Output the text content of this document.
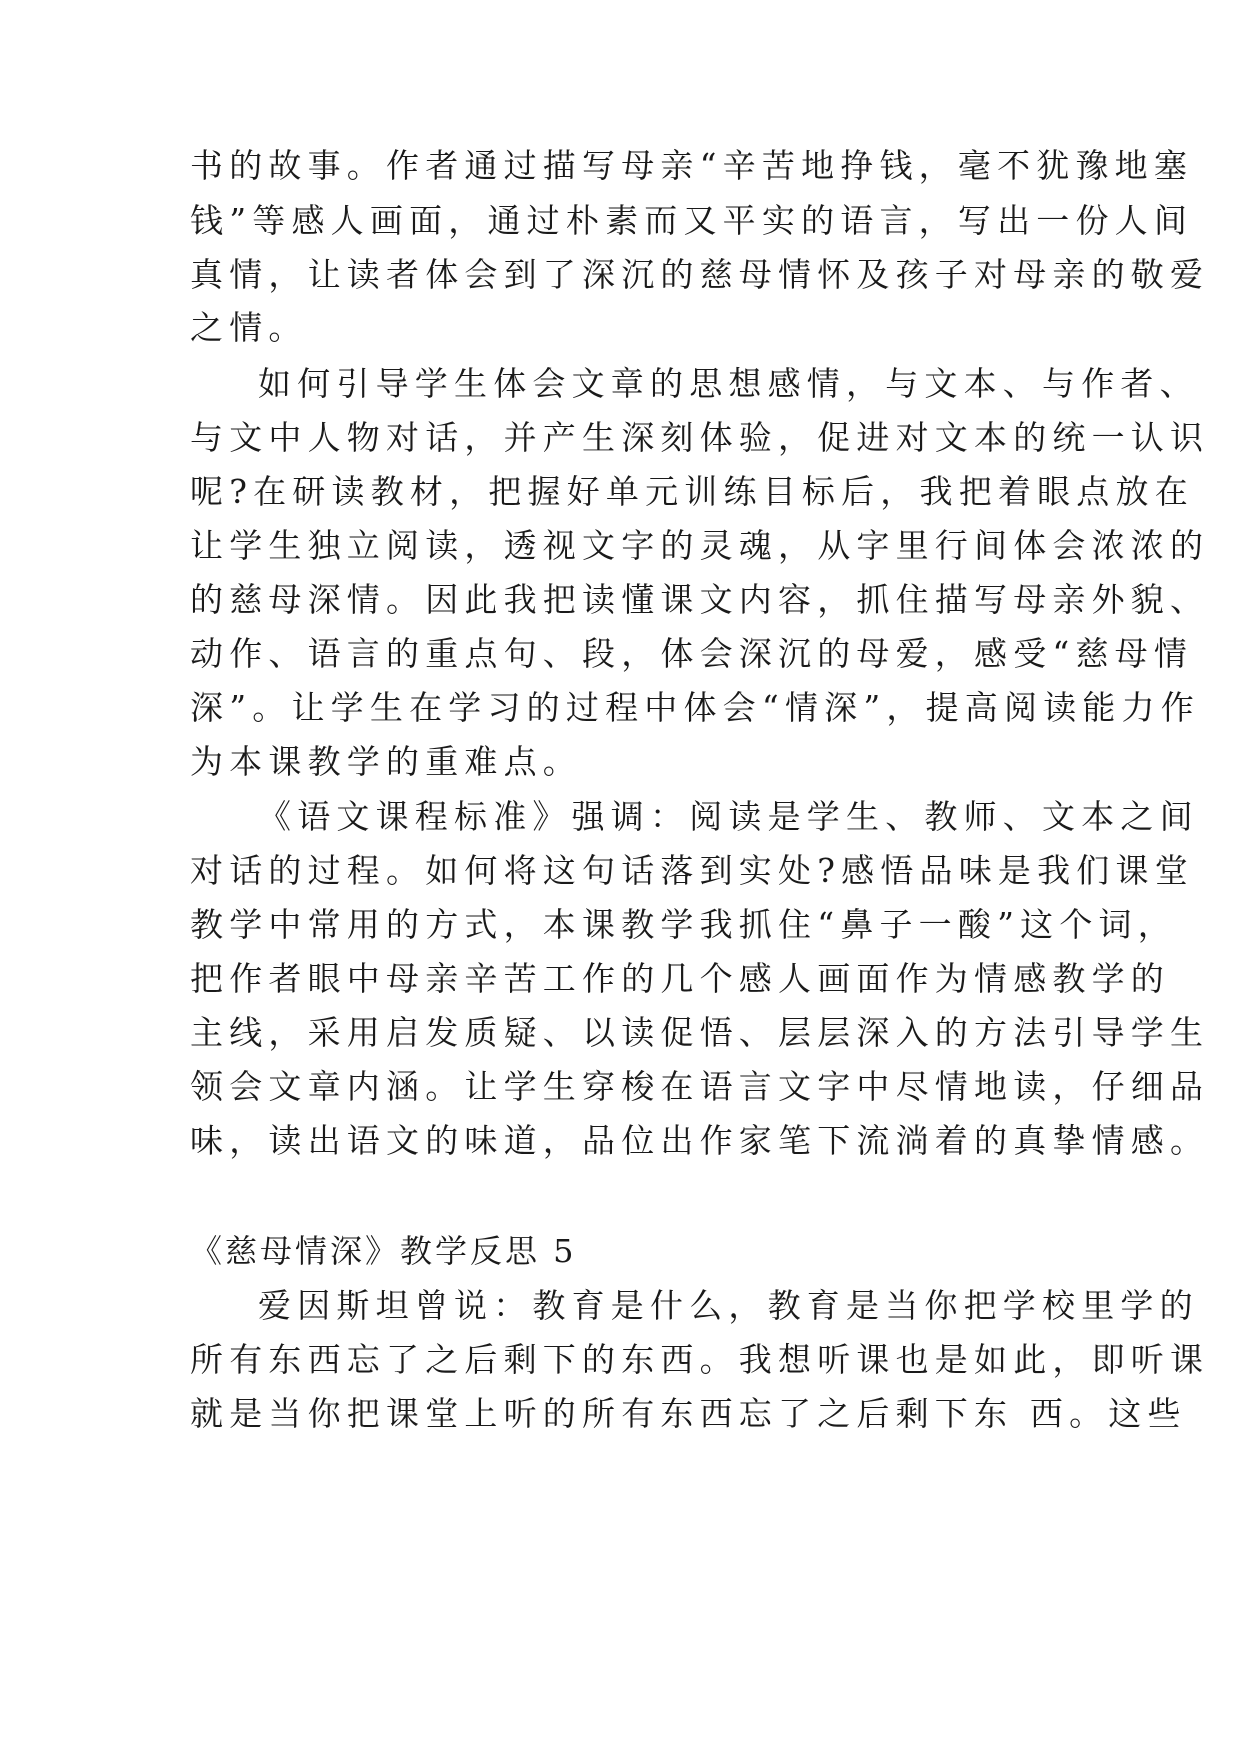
书的故事。作者通过描写母亲“辛苦地挣钱，毫不犹豫地塞
钱”等感人画面，通过朴素而又平实的语言，写出一份人间
真情，让读者体会到了深沉的慈母情怀及孩子对母亲的敬爱
之情。
如何引导学生体会文章的思想感情，与文本、与作者、
与文中人物对话，并产生深刻体验，促进对文本的统一认识
呢?在研读教材，把握好单元训练目标后，我把着眼点放在
让学生独立阅读，透视文字的灵魂，从字里行间体会浓浓的
的慈母深情。因此我把读懂课文内容，抓住描写母亲外貌、
动作、语言的重点句、段，体会深沉的母爱，感受“慈母情
深”。让学生在学习的过程中体会“情深”，提高阅读能力作
为本课教学的重难点。
《语文课程标准》强调：阅读是学生、教师、文本之间
对话的过程。如何将这句话落到实处?感悟品味是我们课堂
教学中常用的方式，本课教学我抓住“鼻子一酸”这个词，
把作者眼中母亲辛苦工作的几个感人画面作为情感教学的
主线，采用启发质疑、以读促悟、层层深入的方法引导学生
领会文章内涵。让学生穿梭在语言文字中尽情地读，仔细品
味，读出语文的味道，品位出作家笔下流淌着的真挚情感。
《慈母情深》教学反思 5
爱因斯坦曾说：教育是什么，教育是当你把学校里学的
所有东西忘了之后剩下的东西。我想听课也是如此，即听课
就是当你把课堂上听的所有东西忘了之后剩下东 西。这些
